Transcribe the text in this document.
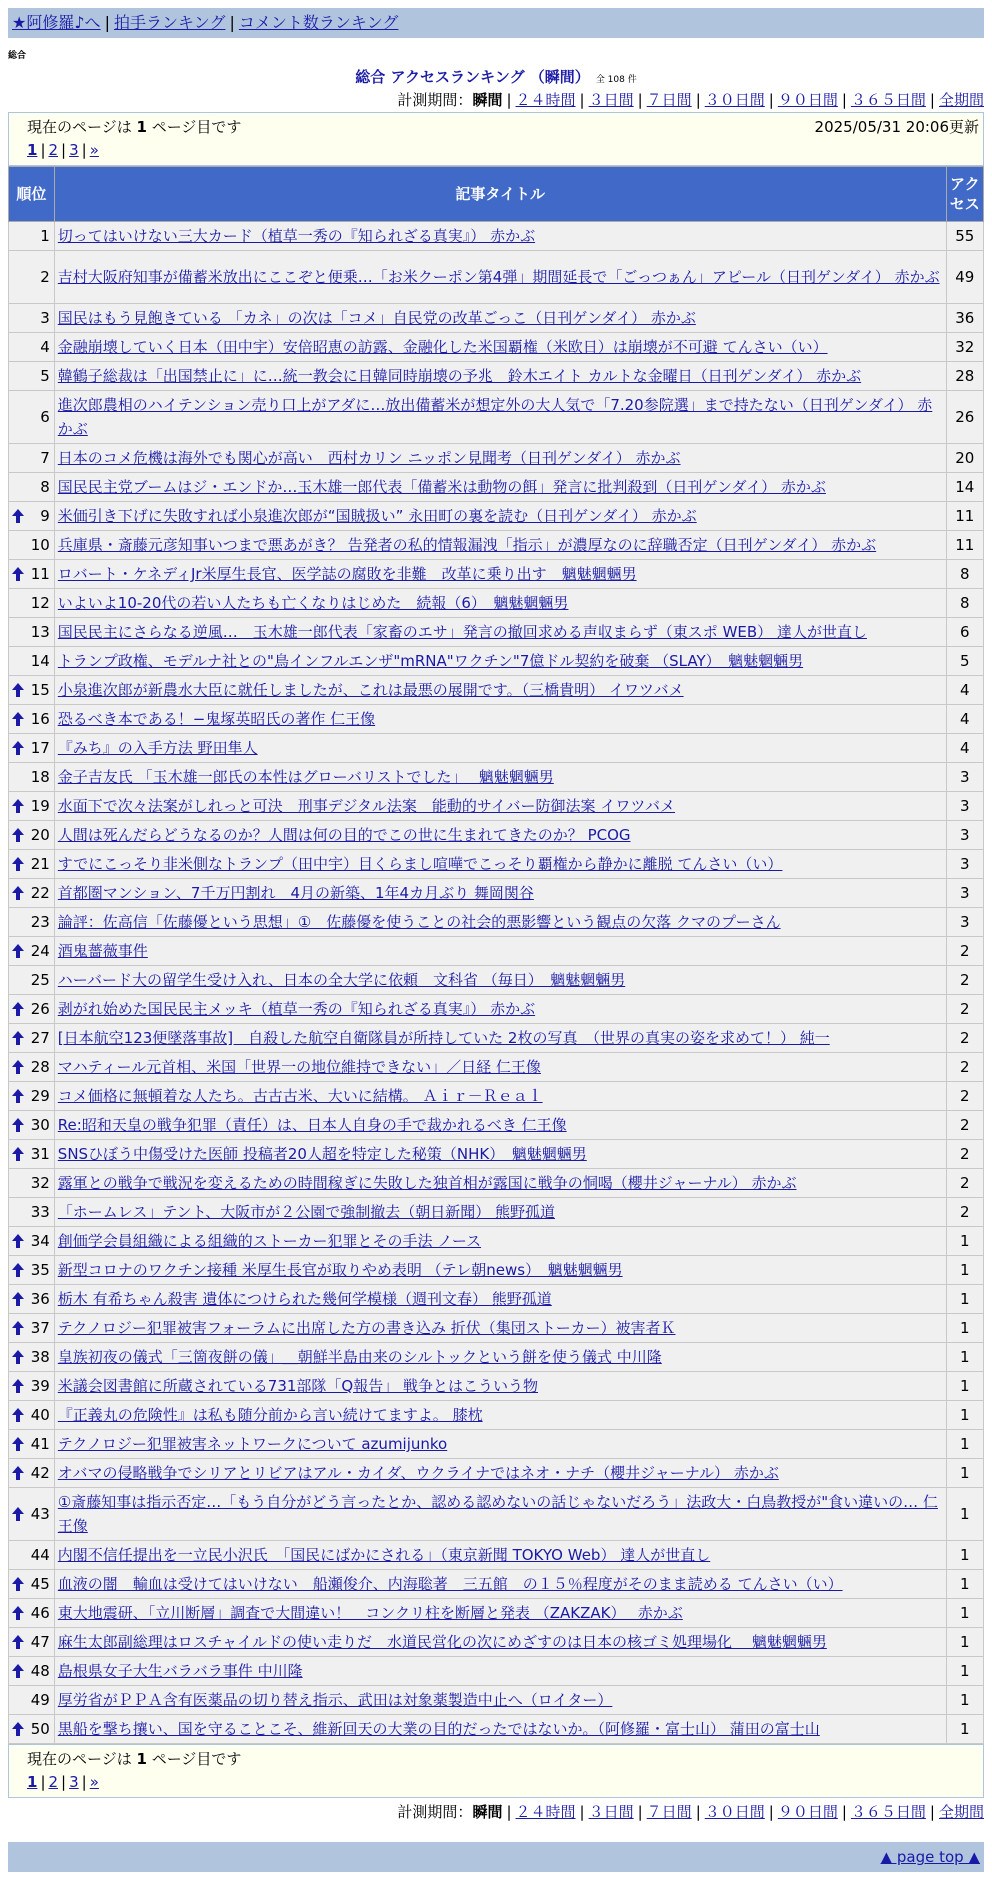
★阿修羅♪へ | 拍手ランキング | コメント数ランキング
総合
総合 アクセスランキング （瞬間） 全 108 件
計測期間：瞬間 | ２４時間 | ３日間 | ７日間 | ３０日間 | ９０日間 | ３６５日間 | 全期間
現在のページは 1 ページ目です	2025/05/31 20:06更新
1 | 2 | 3 | »
順位	記事タイトル	アクセス
1	切ってはいけない三大カード（植草一秀の『知られざる真実』） 赤かぶ	55
2	吉村大阪府知事が備蓄米放出にここぞと便乗…「お米クーポン第4弾」期間延長で「ごっつぁん」アピール（日刊ゲンダイ） 赤かぶ	49
3	国民はもう見飽きている 「カネ」の次は「コメ」自民党の改革ごっこ（日刊ゲンダイ） 赤かぶ	36
4	金融崩壊していく日本（田中宇）安倍昭恵の訪露、金融化した米国覇権（米欧日）は崩壊が不可避 てんさい（い）	32
5	韓鶴子総裁は「出国禁止に」に…統一教会に日韓同時崩壊の予兆　鈴木エイト カルトな金曜日（日刊ゲンダイ） 赤かぶ	28
6	進次郎農相のハイテンション売り口上がアダに…放出備蓄米が想定外の大人気で「7.20参院選」まで持たない（日刊ゲンダイ） 赤かぶ	26
7	日本のコメ危機は海外でも関心が高い　西村カリン ニッポン見聞考（日刊ゲンダイ） 赤かぶ	20
8	国民民主党ブームはジ・エンドか…玉木雄一郎代表「備蓄米は動物の餌」発言に批判殺到（日刊ゲンダイ） 赤かぶ	14

9	米価引き下げに失敗すれば小泉進次郎が“国賊扱い” 永田町の裏を読む（日刊ゲンダイ） 赤かぶ	11
10	兵庫県・斎藤元彦知事いつまで悪あがき？ 告発者の私的情報漏洩「指示」が濃厚なのに辞職否定（日刊ゲンダイ） 赤かぶ	11

11	ロバート・ケネディJr米厚生長官、医学誌の腐敗を非難　改革に乗り出す　魑魅魍魎男	8
12	いよいよ10-20代の若い人たちも亡くなりはじめた　続報（6）　魑魅魍魎男	8
13	国民民主にさらなる逆風…　玉木雄一郎代表「家畜のエサ」発言の撤回求める声収まらず（東スポ WEB） 達人が世直し	6
14	トランプ政権、モデルナ社との"鳥インフルエンザ"mRNA"ワクチン"7億ドル契約を破棄 （SLAY）　魑魅魍魎男	5

15	小泉進次郎が新農水大臣に就任しましたが、これは最悪の展開です。（三橋貴明） イワツバメ	4

16	恐るべき本である！−鬼塚英昭氏の著作 仁王像	4

17	『みち』の入手方法 野田隼人	4
18	金子吉友氏 「玉木雄一郎氏の本性はグローバリストでした」　 魑魅魍魎男	3

19	水面下で次々法案がしれっと可決　刑事デジタル法案　能動的サイバー防御法案 イワツバメ	3

20	人間は死んだらどうなるのか？人間は何の目的でこの世に生まれてきたのか？ PCOG	3

21	すでにこっそり非米側なトランプ（田中宇）目くらまし喧嘩でこっそり覇権から静かに離脱 てんさい（い）	3

22	首都圏マンション、7千万円割れ　4月の新築、1年4カ月ぶり 舞岡関谷	3
23	論評：佐高信「佐藤優という思想」①　佐藤優を使うことの社会的悪影響という観点の欠落 クマのプーさん	3

24	酒鬼薔薇事件	2
25	ハーバード大の留学生受け入れ、日本の全大学に依頼　文科省 （毎日）　魑魅魍魎男	2

26	剥がれ始めた国民民主メッキ（植草一秀の『知られざる真実』） 赤かぶ	2

27	[日本航空123便墜落事故]　自殺した航空自衛隊員が所持していた 2枚の写真　（世界の真実の姿を求めて！） 純一	2

28	マハティール元首相、米国「世界一の地位維持できない」／日経 仁王像	2

29	コメ価格に無頓着な人たち。古古古米、大いに結構。 Ａｉｒ－Ｒｅａｌ	2

30	Re:昭和天皇の戦争犯罪（責任）は、日本人自身の手で裁かれるべき 仁王像	2

31	SNSひぼう中傷受けた医師 投稿者20人超を特定した秘策（NHK）　魑魅魍魎男	2
32	露軍との戦争で戦況を変えるための時間稼ぎに失敗した独首相が露国に戦争の恫喝（櫻井ジャーナル） 赤かぶ	2
33	「ホームレス」テント、大阪市が２公園で強制撤去（朝日新聞） 熊野孤道	2

34	創価学会員組織による組織的ストーカー犯罪とその手法 ノース	1

35	新型コロナのワクチン接種 米厚生長官が取りやめ表明 （テレ朝news）　魑魅魍魎男	1

36	栃木 有希ちゃん殺害 遺体につけられた幾何学模様（週刊文春） 熊野孤道	1

37	テクノロジー犯罪被害フォーラムに出席した方の書き込み 折伏（集団ストーカー）被害者Ｋ	1

38	皇族初夜の儀式「三箇夜餅の儀」＿朝鮮半島由来のシルトックという餅を使う儀式 中川隆	1

39	米議会図書館に所蔵されている731部隊「Q報告」 戦争とはこういう物	1

40	『正義丸の危険性』は私も随分前から言い続けてますよ。 膝枕	1

41	テクノロジー犯罪被害ネットワークについて azumijunko	1

42	オバマの侵略戦争でシリアとリビアはアル・カイダ、ウクライナではネオ・ナチ（櫻井ジャーナル） 赤かぶ	1

43	①斎藤知事は指示否定…「もう自分がどう言ったとか、認める認めないの話じゃないだろう」法政大・白鳥教授が"食い違いの… 仁王像	1
44	内閣不信任提出を一立民小沢氏　「国民にばかにされる」（東京新聞 TOKYO Web） 達人が世直し	1

45	血液の闇　輸血は受けてはいけない　船瀬俊介、内海聡著　三五館　の１５％程度がそのまま読める てんさい（い）	1

46	東大地震研、「立川断層」調査で大間違い！　コンクリ柱を断層と発表 （ZAKZAK）　 赤かぶ	1

47	麻生太郎副総理はロスチャイルドの使い走りだ　水道民営化の次にめざすのは日本の核ゴミ処理場化　 魑魅魍魎男	1

48	島根県女子大生バラバラ事件 中川隆	1
49	厚労省がＰＰＡ含有医薬品の切り替え指示、武田は対象薬製造中止へ（ロイター）	1

50	黒船を撃ち攘い、国を守ることこそ、維新回天の大業の目的だったではないか。（阿修羅・富士山） 蒲田の富士山	1
現在のページは 1 ページ目です
1 | 2 | 3 | »
計測期間：瞬間 | ２４時間 | ３日間 | ７日間 | ３０日間 | ９０日間 | ３６５日間 | 全期間
▲ page top ▲
